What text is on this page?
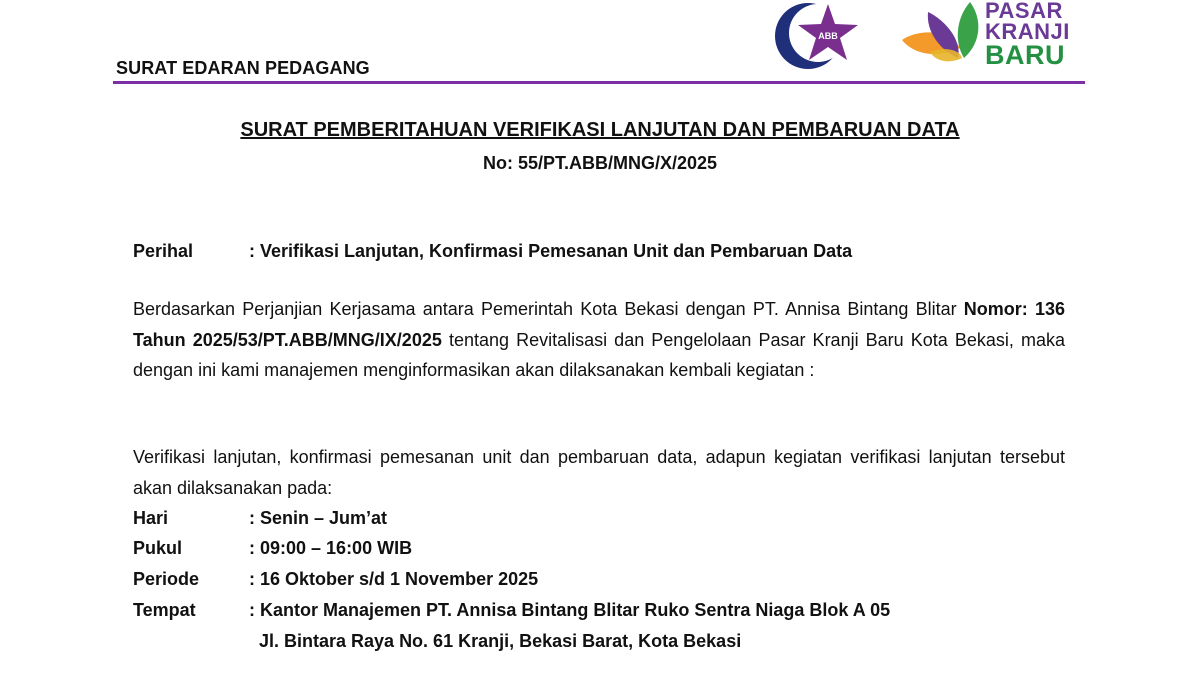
ABB
PASAR
KRANJI
BARU
SURAT EDARAN PEDAGANG
SURAT PEMBERITAHUAN VERIFIKASI LANJUTAN DAN PEMBARUAN DATA
No: 55/PT.ABB/MNG/X/2025
Perihal	: Verifikasi Lanjutan, Konfirmasi Pemesanan Unit dan Pembaruan Data
Berdasarkan Perjanjian Kerjasama antara Pemerintah Kota Bekasi dengan PT. Annisa Bintang Blitar Nomor: 136 Tahun 2025/53/PT.ABB/MNG/IX/2025 tentang Revitalisasi dan Pengelolaan Pasar Kranji Baru Kota Bekasi, maka dengan ini kami manajemen menginformasikan akan dilaksanakan kembali kegiatan :
Verifikasi lanjutan, konfirmasi pemesanan unit dan pembaruan data, adapun kegiatan verifikasi lanjutan tersebut akan dilaksanakan pada:
Hari	: Senin – Jum’at
Pukul	: 09:00 – 16:00 WIB
Periode	: 16 Oktober s/d 1 November 2025
Tempat	: Kantor Manajemen PT. Annisa Bintang Blitar Ruko Sentra Niaga Blok A 05
Jl. Bintara Raya No. 61 Kranji, Bekasi Barat, Kota Bekasi
